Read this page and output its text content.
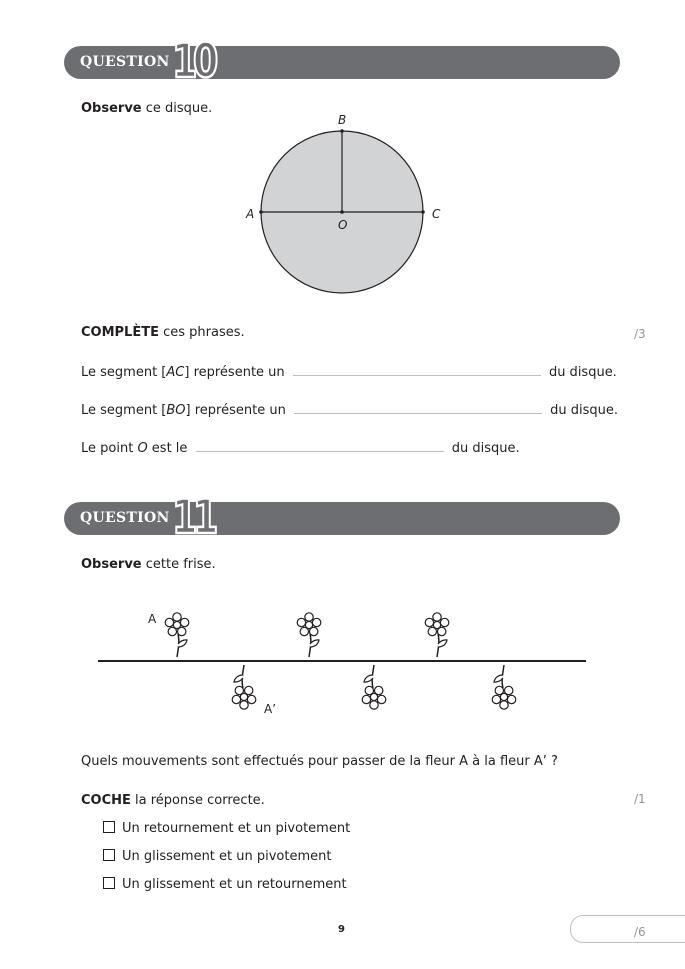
QUESTION 10
Observe ce disque.
B
A	C
O
COMPLÈTE ces phrases.	/3
Le segment [AC] représente un	du disque.
Le segment [BO] représente un	du disque.
Le point O est le	du disque.
QUESTION 11
Observe cette frise.
A
A’
Quels mouvements sont effectués pour passer de la fleur A à la fleur A’ ?
COCHE la réponse correcte.	/1
Un retournement et un pivotement
Un glissement et un pivotement
Un glissement et un retournement
9	/6
